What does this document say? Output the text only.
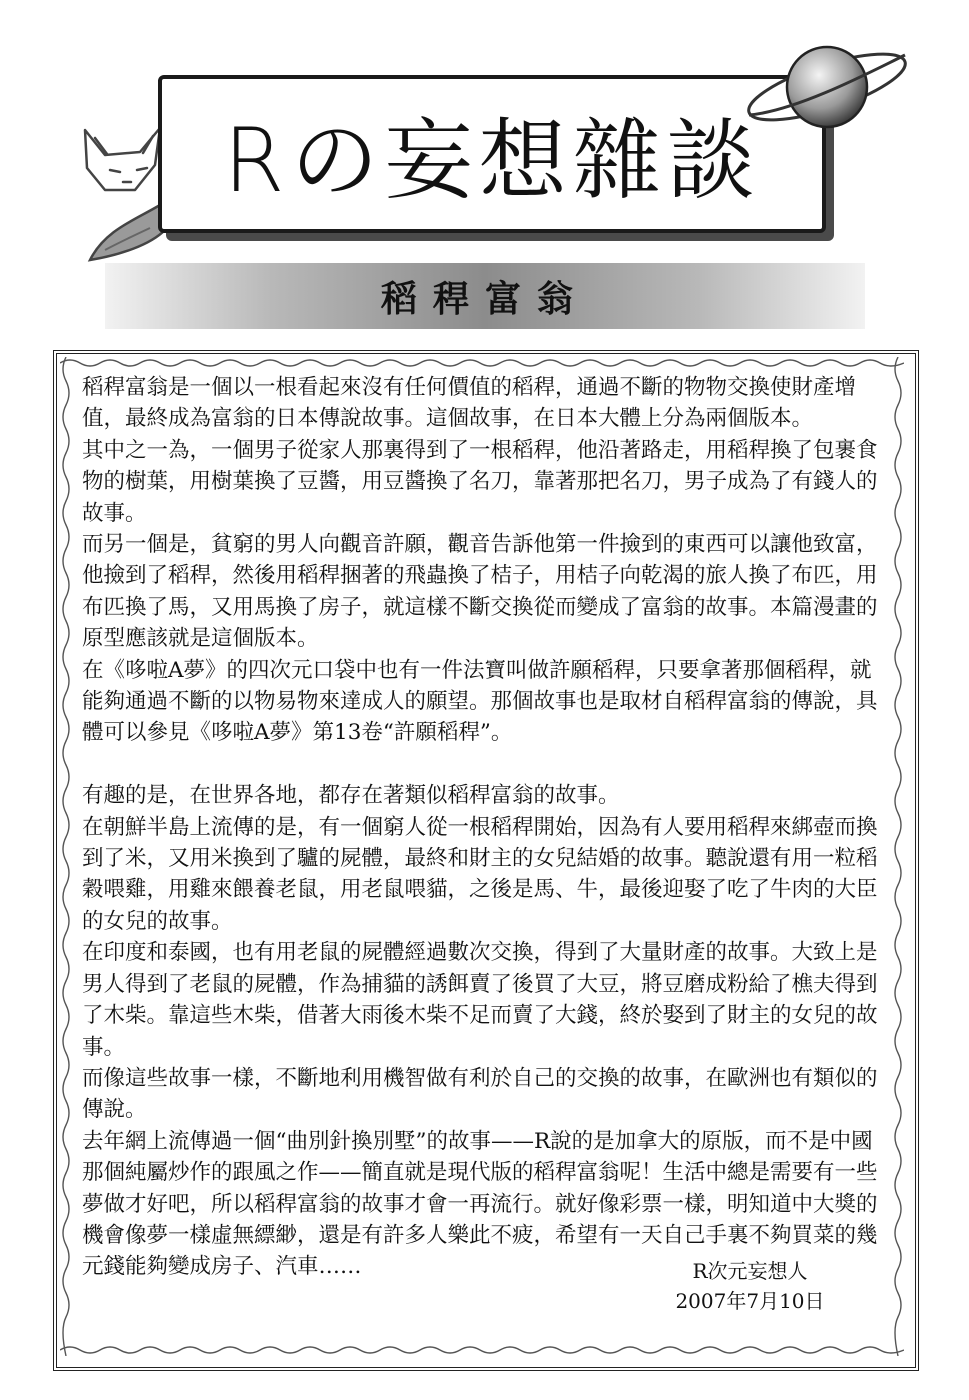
Rの妄想雜談
稻稈富翁

稻稈富翁是一個以一根看起來沒有任何價值的稻稈，通過不斷的物物交換使財產增值，最終成為富翁的日本傳說故事。這個故事，在日本大體上分為兩個版本。

其中之一為，一個男子從家人那裏得到了一根稻稈，他沿著路走，用稻稈換了包裹食物的樹葉，用樹葉換了豆醬，用豆醬換了名刀，靠著那把名刀，男子成為了有錢人的故事。

而另一個是，貧窮的男人向觀音許願，觀音告訴他第一件撿到的東西可以讓他致富，他撿到了稻稈，然後用稻稈捆著的飛蟲換了桔子，用桔子向乾渴的旅人換了布匹，用布匹換了馬，又用馬換了房子，就這樣不斷交換從而變成了富翁的故事。本篇漫畫的原型應該就是這個版本。

在《哆啦A夢》的四次元口袋中也有一件法寶叫做許願稻稈，只要拿著那個稻稈，就能夠通過不斷的以物易物來達成人的願望。那個故事也是取材自稻稈富翁的傳說，具體可以參見《哆啦A夢》第13卷“許願稻稈”。

有趣的是，在世界各地，都存在著類似稻稈富翁的故事。

在朝鮮半島上流傳的是，有一個窮人從一根稻稈開始，因為有人要用稻稈來綁壺而換到了米，又用米換到了驢的屍體，最終和財主的女兒結婚的故事。聽說還有用一粒稻穀喂雞，用雞來餵養老鼠，用老鼠喂貓，之後是馬、牛，最後迎娶了吃了牛肉的大臣的女兒的故事。

在印度和泰國，也有用老鼠的屍體經過數次交換，得到了大量財產的故事。大致上是男人得到了老鼠的屍體，作為捕貓的誘餌賣了後買了大豆，將豆磨成粉給了樵夫得到了木柴。靠這些木柴，借著大雨後木柴不足而賣了大錢，終於娶到了財主的女兒的故事。

而像這些故事一樣，不斷地利用機智做有利於自己的交換的故事，在歐洲也有類似的傳說。

去年網上流傳過一個“曲別針換別墅”的故事——R說的是加拿大的原版，而不是中國那個純屬炒作的跟風之作——簡直就是現代版的稻稈富翁呢！生活中總是需要有一些夢做才好吧，所以稻稈富翁的故事才會一再流行。就好像彩票一樣，明知道中大獎的機會像夢一樣虛無縹緲，還是有許多人樂此不疲，希望有一天自己手裏不夠買菜的幾元錢能夠變成房子、汽車……	R次元妄想人
2007年7月10日
